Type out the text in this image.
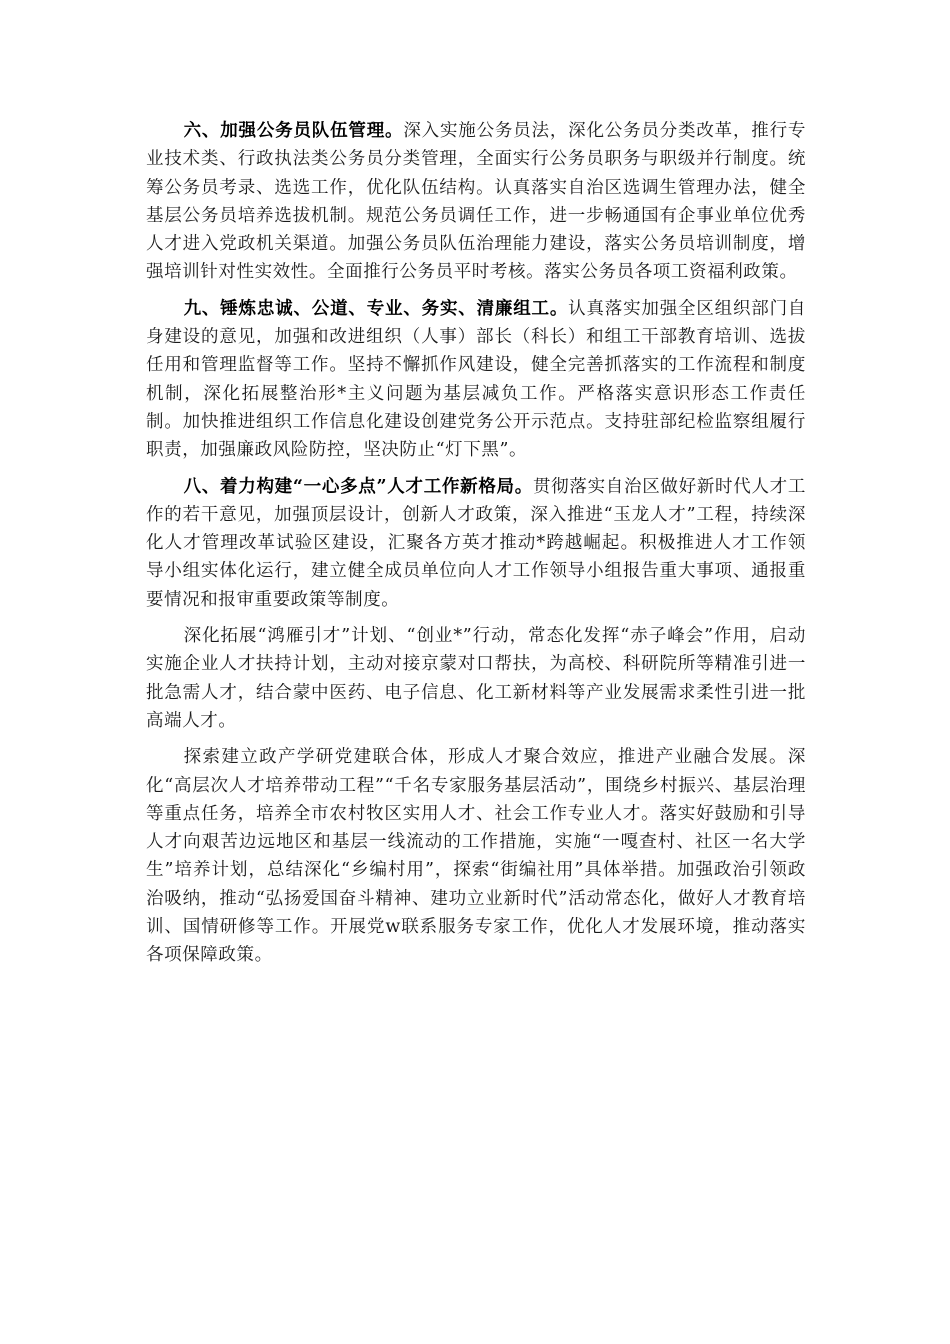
六、加强公务员队伍管理。深入实施公务员法，深化公务员分类改革，推行专业技术类、行政执法类公务员分类管理，全面实行公务员职务与职级并行制度。统筹公务员考录、选选工作，优化队伍结构。认真落实自治区选调生管理办法，健全基层公务员培养选拔机制。规范公务员调任工作，进一步畅通国有企事业单位优秀人才进入党政机关渠道。加强公务员队伍治理能力建设，落实公务员培训制度，增强培训针对性实效性。全面推行公务员平时考核。落实公务员各项工资福利政策。

九、锤炼忠诚、公道、专业、务实、清廉组工。认真落实加强全区组织部门自身建设的意见，加强和改进组织（人事）部长（科长）和组工干部教育培训、选拔任用和管理监督等工作。坚持不懈抓作风建设，健全完善抓落实的工作流程和制度机制，深化拓展整治形*主义问题为基层减负工作。严格落实意识形态工作责任制。加快推进组织工作信息化建设创建党务公开示范点。支持驻部纪检监察组履行职责，加强廉政风险防控，坚决防止“灯下黑”。

八、着力构建“一心多点”人才工作新格局。贯彻落实自治区做好新时代人才工作的若干意见，加强顶层设计，创新人才政策，深入推进“玉龙人才”工程，持续深化人才管理改革试验区建设，汇聚各方英才推动*跨越崛起。积极推进人才工作领导小组实体化运行，建立健全成员单位向人才工作领导小组报告重大事项、通报重要情况和报审重要政策等制度。

深化拓展“鸿雁引才”计划、“创业*”行动，常态化发挥“赤子峰会”作用，启动实施企业人才扶持计划，主动对接京蒙对口帮扶，为高校、科研院所等精准引进一批急需人才，结合蒙中医药、电子信息、化工新材料等产业发展需求柔性引进一批高端人才。

探索建立政产学研党建联合体，形成人才聚合效应，推进产业融合发展。深化“高层次人才培养带动工程”“千名专家服务基层活动”，围绕乡村振兴、基层治理等重点任务，培养全市农村牧区实用人才、社会工作专业人才。落实好鼓励和引导人才向艰苦边远地区和基层一线流动的工作措施，实施“一嘎查村、社区一名大学生”培养计划，总结深化“乡编村用”，探索“街编社用”具体举措。加强政治引领政治吸纳，推动“弘扬爱国奋斗精神、建功立业新时代”活动常态化，做好人才教育培训、国情研修等工作。开展党w联系服务专家工作，优化人才发展环境，推动落实各项保障政策。
